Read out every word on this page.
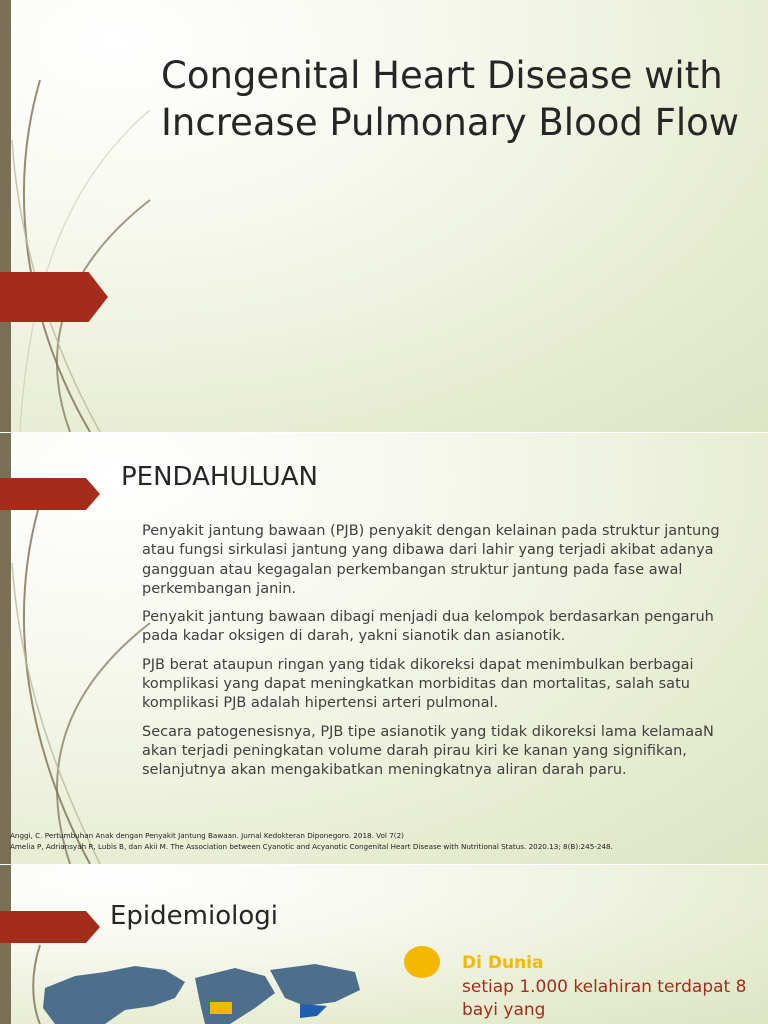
Congenital Heart Disease with Increase Pulmonary Blood Flow
PENDAHULUAN
Penyakit jantung bawaan (PJB) penyakit dengan kelainan pada struktur jantung atau fungsi sirkulasi jantung yang dibawa dari lahir yang terjadi akibat adanya gangguan atau kegagalan perkembangan struktur jantung pada fase awal perkembangan janin.
Penyakit jantung bawaan dibagi menjadi dua kelompok berdasarkan pengaruh pada kadar oksigen di darah, yakni sianotik dan asianotik.
PJB berat ataupun ringan yang tidak dikoreksi dapat menimbulkan berbagai komplikasi yang dapat meningkatkan morbiditas dan mortalitas, salah satu komplikasi PJB adalah hipertensi arteri pulmonal.
Secara patogenesisnya, PJB tipe asianotik yang tidak dikoreksi lama kelamaaN akan terjadi peningkatan volume darah pirau kiri ke kanan yang signifikan, selanjutnya akan mengakibatkan meningkatnya aliran darah paru.
Anggi, C. Pertumbuhan Anak dengan Penyakit Jantung Bawaan. Jurnal Kedokteran Diponegoro. 2018. Vol 7(2)
Amelia P, Adriansyah R, Lubis B, dan Akii M. The Association between Cyanotic and Acyanotic Congenital Heart Disease with Nutritional Status. 2020.13; 8(B):245-248.
Epidemiologi
Di Dunia
setiap 1.000 kelahiran terdapat 8 bayi yang
